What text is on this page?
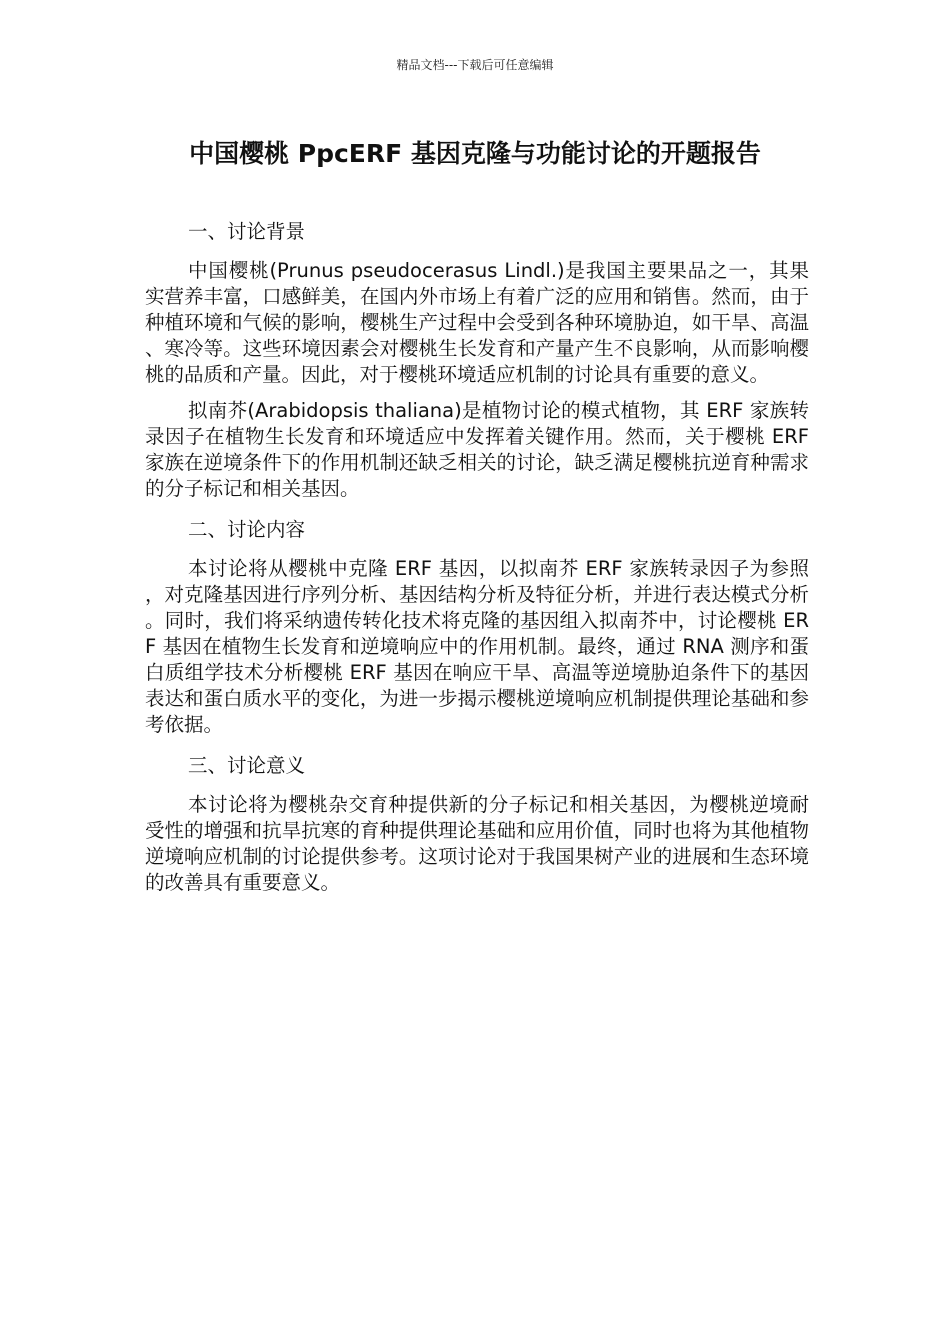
精品文档---下载后可任意编辑
中国樱桃 PpcERF 基因克隆与功能讨论的开题报告
一、讨论背景

中国樱桃(Prunus pseudocerasus Lindl.)是我国主要果品之一，其果实营养丰富，口感鲜美，在国内外市场上有着广泛的应用和销售。然而，由于种植环境和气候的影响，樱桃生产过程中会受到各种环境胁迫，如干旱、高温、寒冷等。这些环境因素会对樱桃生长发育和产量产生不良影响，从而影响樱桃的品质和产量。因此，对于樱桃环境适应机制的讨论具有重要的意义。

拟南芥(Arabidopsis thaliana)是植物讨论的模式植物，其 ERF 家族转录因子在植物生长发育和环境适应中发挥着关键作用。然而，关于樱桃 ERF 家族在逆境条件下的作用机制还缺乏相关的讨论，缺乏满足樱桃抗逆育种需求的分子标记和相关基因。

二、讨论内容

本讨论将从樱桃中克隆 ERF 基因，以拟南芥 ERF 家族转录因子为参照，对克隆基因进行序列分析、基因结构分析及特征分析，并进行表达模式分析。同时，我们将采纳遗传转化技术将克隆的基因组入拟南芥中，讨论樱桃 ERF 基因在植物生长发育和逆境响应中的作用机制。最终，通过 RNA 测序和蛋白质组学技术分析樱桃 ERF 基因在响应干旱、高温等逆境胁迫条件下的基因表达和蛋白质水平的变化，为进一步揭示樱桃逆境响应机制提供理论基础和参考依据。

三、讨论意义

本讨论将为樱桃杂交育种提供新的分子标记和相关基因，为樱桃逆境耐受性的增强和抗旱抗寒的育种提供理论基础和应用价值，同时也将为其他植物逆境响应机制的讨论提供参考。这项讨论对于我国果树产业的进展和生态环境的改善具有重要意义。
